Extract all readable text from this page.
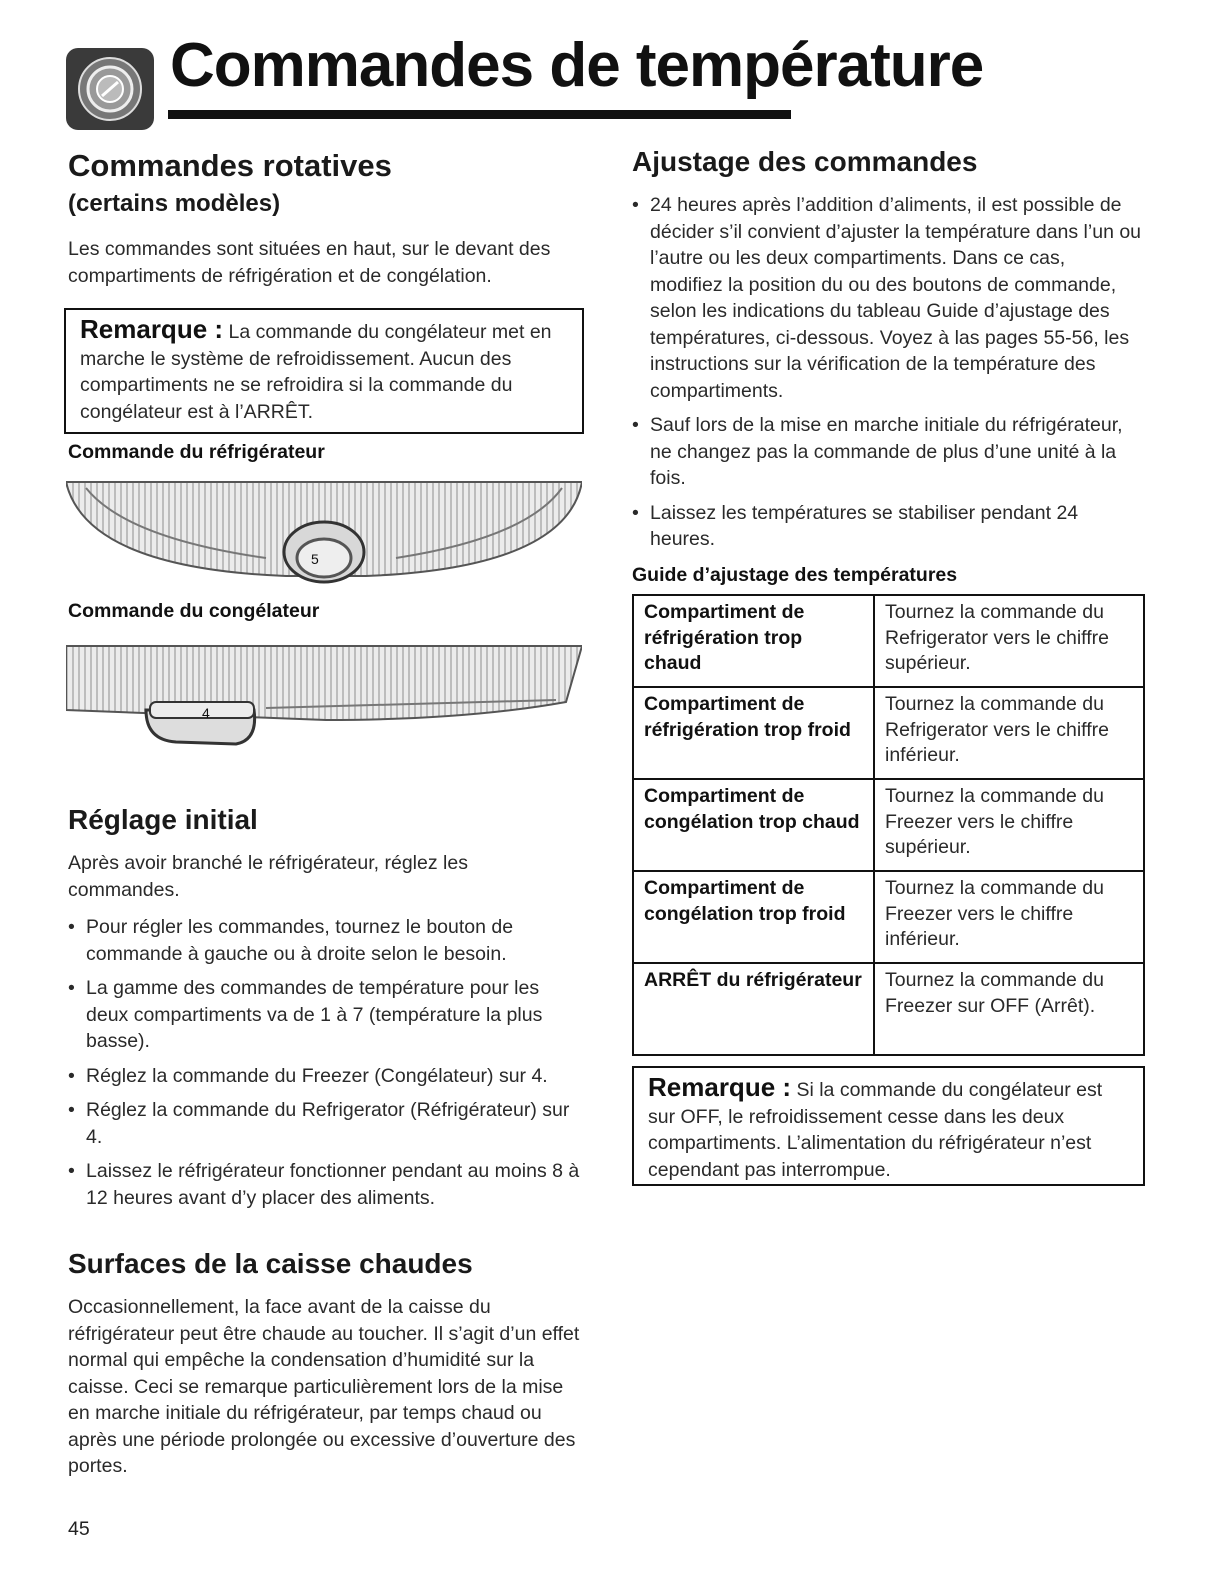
Commandes de température
Commandes rotatives
(certains modèles)

Les commandes sont situées en haut, sur le devant des compartiments de réfrigération et de congélation.

Remarque : La commande du congélateur met en marche le système de refroidissement. Aucun des compartiments ne se refroidira si la commande du congélateur est à l’ARRÊT.
Commande du réfrigérateur
5
Commande du congélateur
4
Réglage initial

Après avoir branché le réfrigérateur, réglez les commandes.

• Pour régler les commandes, tournez le bouton de commande à gauche ou à droite selon le besoin.
• La gamme des commandes de température pour les deux compartiments va de 1 à 7 (température la plus basse).
• Réglez la commande du Freezer (Congélateur) sur 4.
• Réglez la commande du Refrigerator (Réfrigérateur) sur 4.
• Laissez le réfrigérateur fonctionner pendant au moins 8 à 12 heures avant d’y placer des aliments.
Surfaces de la caisse chaudes

Occasionnellement, la face avant de la caisse du réfrigérateur peut être chaude au toucher. Il s’agit d’un effet normal qui empêche la condensation d’humidité sur la caisse. Ceci se remarque particulièrement lors de la mise en marche initiale du réfrigérateur, par temps chaud ou après une période prolongée ou excessive d’ouverture des portes.

45
Ajustage des commandes
• 24 heures après l’addition d’aliments, il est possible de décider s’il convient d’ajuster la température dans l’un ou l’autre ou les deux compartiments. Dans ce cas, modifiez la position du ou des boutons de commande, selon les indications du tableau Guide d’ajustage des températures, ci-dessous. Voyez à las pages 55-56, les instructions sur la vérification de la température des compartiments.
• Sauf lors de la mise en marche initiale du réfrigérateur, ne changez pas la commande de plus d’une unité à la fois.
• Laissez les températures se stabiliser pendant 24 heures.
Guide d’ajustage des températures
Compartiment de réfrigération trop chaud	Tournez la commande du Refrigerator vers le chiffre supérieur.
Compartiment de réfrigération trop froid	Tournez la commande du Refrigerator vers le chiffre inférieur.
Compartiment de congélation trop chaud	Tournez la commande du Freezer vers le chiffre supérieur.
Compartiment de congélation trop froid	Tournez la commande du Freezer vers le chiffre inférieur.
ARRÊT du réfrigérateur	Tournez la commande du Freezer sur OFF (Arrêt).
Remarque : Si la commande du congélateur est sur OFF, le refroidissement cesse dans les deux compartiments. L’alimentation du réfrigérateur n’est cependant pas interrompue.
